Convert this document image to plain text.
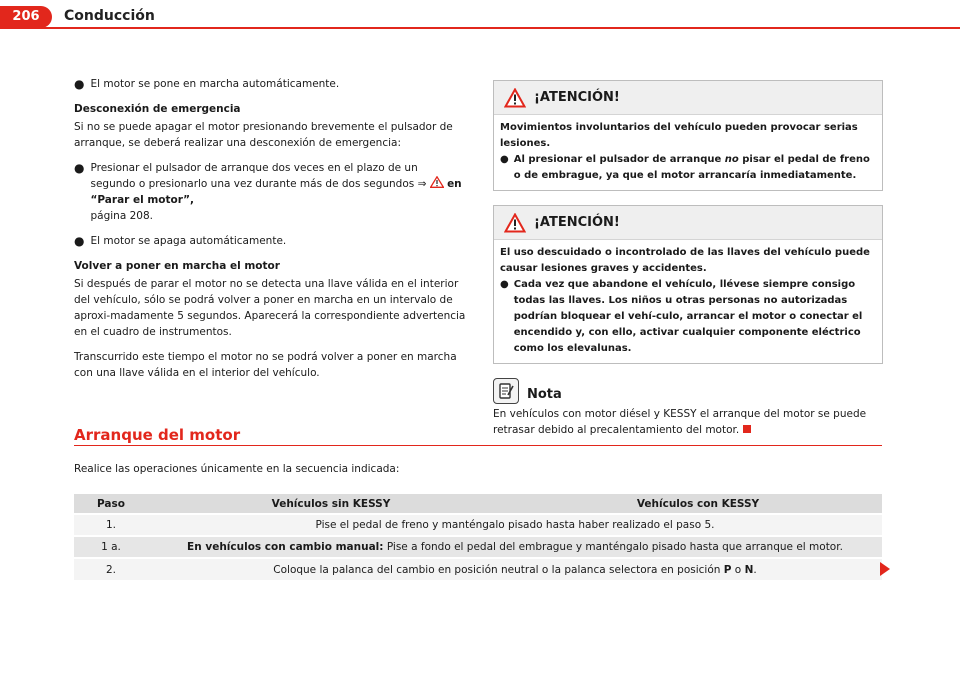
206	Conducción
● El motor se pone en marcha automáticamente.

Desconexión de emergencia

Si no se puede apagar el motor presionando brevemente el pulsador de arranque, se deberá realizar una desconexión de emergencia:

● Presionar el pulsador de arranque dos veces en el plazo de un segundo o presionarlo una vez durante más de dos segundos ⇒ en “Parar el motor”,
página 208.
● El motor se apaga automáticamente.

Volver a poner en marcha el motor

Si después de parar el motor no se detecta una llave válida en el interior del vehículo, sólo se podrá volver a poner en marcha en un intervalo de aproxi-madamente 5 segundos. Aparecerá la correspondiente advertencia en el cuadro de instrumentos.

Transcurrido este tiempo el motor no se podrá volver a poner en marcha con una llave válida en el interior del vehículo.

¡ATENCIÓN!
Movimientos involuntarios del vehículo pueden provocar serias lesiones.
● Al presionar el pulsador de arranque no pisar el pedal de freno o de embrague, ya que el motor arrancaría inmediatamente.
¡ATENCIÓN!
El uso descuidado o incontrolado de las llaves del vehículo puede causar lesiones graves y accidentes.
● Cada vez que abandone el vehículo, llévese siempre consigo todas las llaves. Los niños u otras personas no autorizadas podrían bloquear el vehí-culo, arrancar el motor o conectar el encendido y, con ello, activar cualquier componente eléctrico como los elevalunas.
Nota
En vehículos con motor diésel y KESSY el arranque del motor se puede retrasar debido al precalentamiento del motor.
Arranque del motor
Realice las operaciones únicamente en la secuencia indicada:
Paso	Vehículos sin KESSY	Vehículos con KESSY
1.	Pise el pedal de freno y manténgalo pisado hasta haber realizado el paso 5.	
1 a.	En vehículos con cambio manual: Pise a fondo el pedal del embrague y manténgalo pisado hasta que arranque el motor.	
2.	Coloque la palanca del cambio en posición neutral o la palanca selectora en posición P o N.	
